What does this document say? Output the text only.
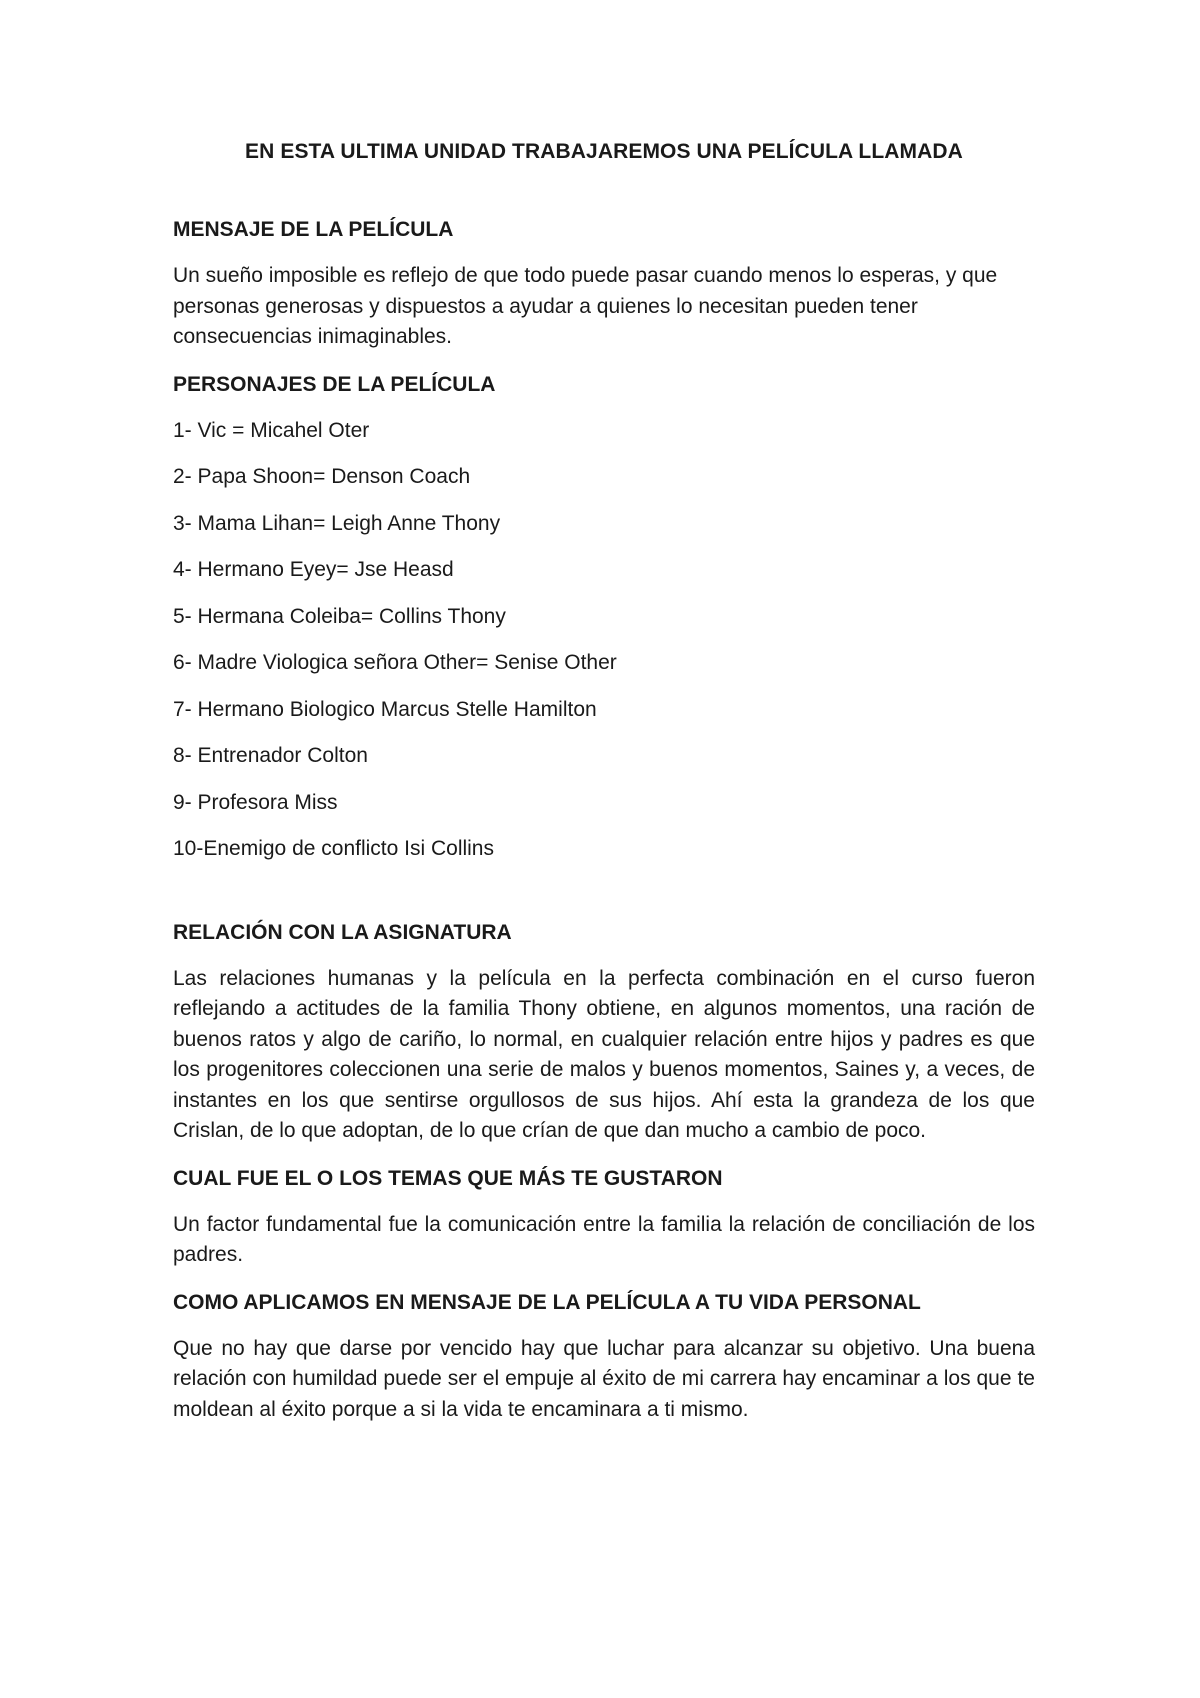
EN ESTA ULTIMA UNIDAD TRABAJAREMOS UNA PELÍCULA LLAMADA
MENSAJE DE LA PELÍCULA
Un sueño imposible es reflejo de que todo puede pasar cuando menos lo esperas, y que personas generosas y dispuestos a ayudar a quienes lo necesitan pueden tener consecuencias inimaginables.
PERSONAJES DE LA PELÍCULA
1- Vic = Micahel Oter
2- Papa Shoon= Denson Coach
3- Mama Lihan= Leigh Anne Thony
4- Hermano Eyey= Jse Heasd
5- Hermana Coleiba= Collins Thony
6- Madre Viologica señora Other= Senise Other
7- Hermano Biologico Marcus Stelle Hamilton
8- Entrenador Colton
9- Profesora Miss
10-Enemigo de conflicto Isi Collins
RELACIÓN CON LA ASIGNATURA
Las relaciones humanas y la película en la perfecta combinación en el curso fueron reflejando a actitudes de la familia Thony obtiene, en algunos momentos, una ración de buenos ratos y algo de cariño, lo normal, en cualquier relación entre hijos y padres es que los progenitores coleccionen una serie de malos y buenos momentos, Saines y, a veces, de instantes en los que sentirse orgullosos de sus hijos. Ahí esta la grandeza de los que Crislan, de lo que adoptan, de lo que crían de que dan mucho a cambio de poco.
CUAL FUE EL O LOS TEMAS QUE MÁS TE GUSTARON
Un factor fundamental fue la comunicación entre la familia la relación de conciliación de los padres.
COMO APLICAMOS EN MENSAJE DE LA PELÍCULA A TU VIDA PERSONAL
Que no hay que darse por vencido hay que luchar para alcanzar su objetivo. Una buena relación con humildad puede ser el empuje al éxito de mi carrera hay encaminar a los que te moldean al éxito porque a si la vida te encaminara a ti mismo.
